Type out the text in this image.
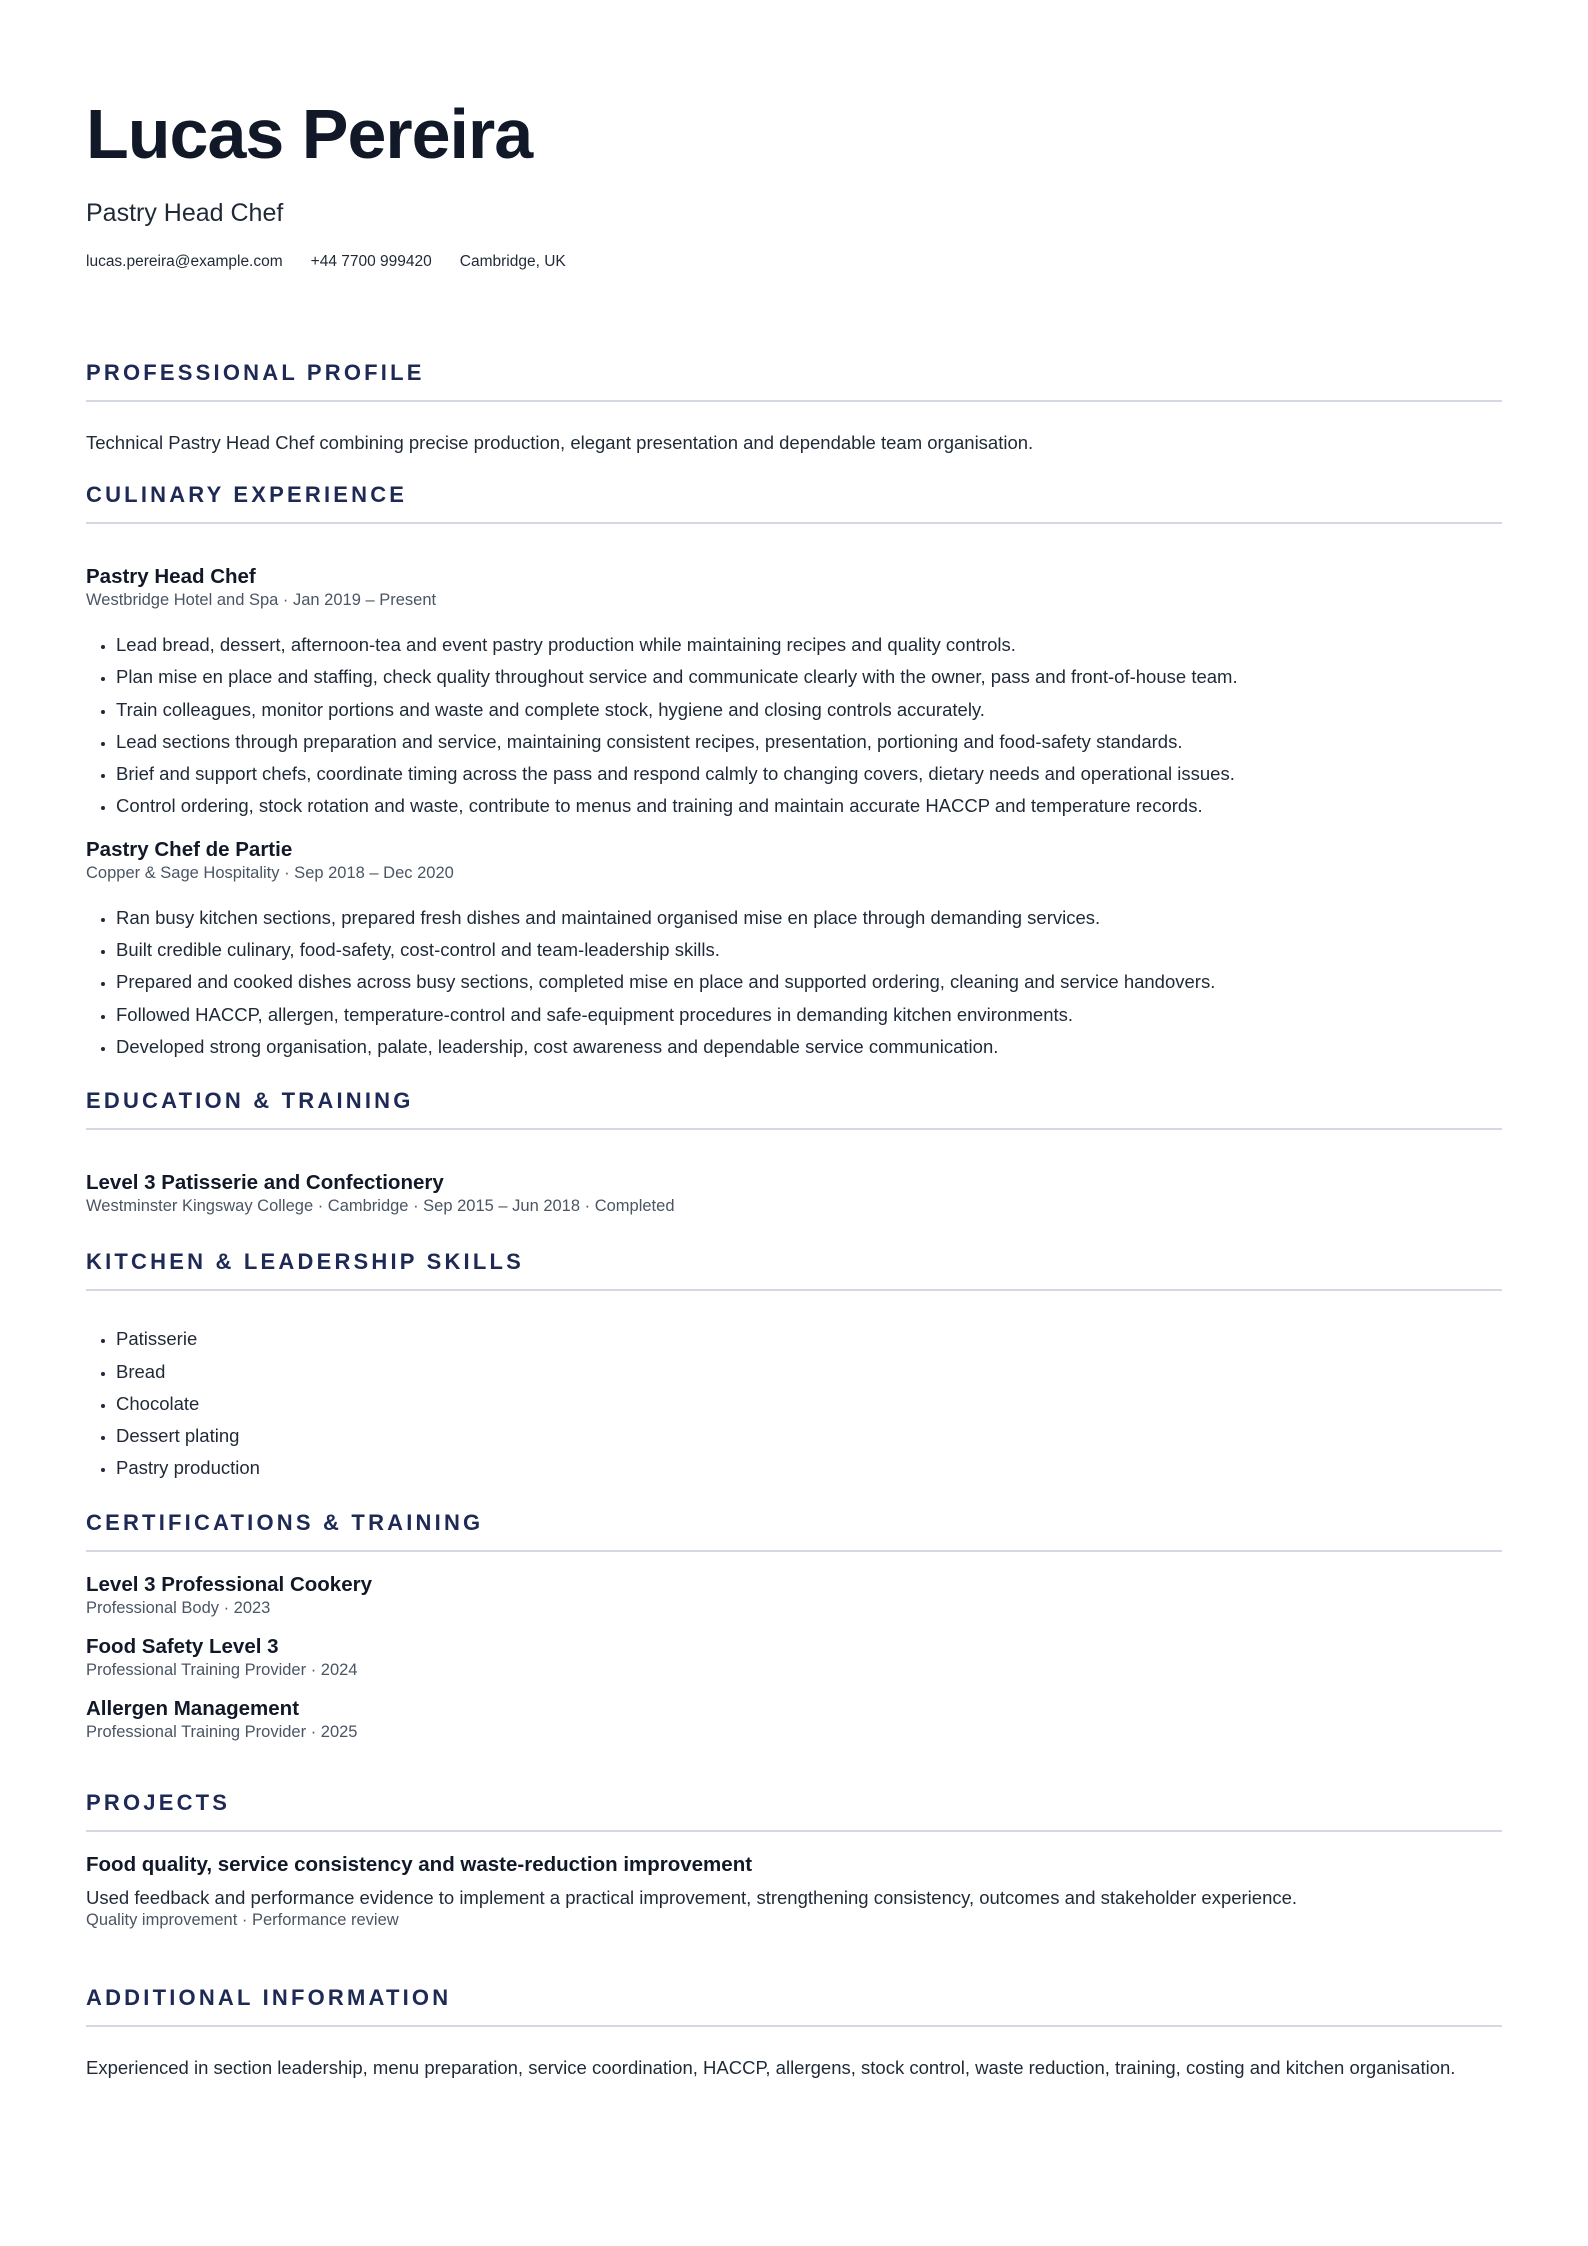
Lucas Pereira

Pastry Head Chef

lucas.pereira@example.com +44 7700 999420 Cambridge, UK
PROFESSIONAL PROFILE

Technical Pastry Head Chef combining precise production, elegant presentation and dependable team organisation.

CULINARY EXPERIENCE

Pastry Head Chef

Westbridge Hotel and Spa · Jan 2019 – Present

• Lead bread, dessert, afternoon-tea and event pastry production while maintaining recipes and quality controls.
• Plan mise en place and staffing, check quality throughout service and communicate clearly with the owner, pass and front-of-house team.
• Train colleagues, monitor portions and waste and complete stock, hygiene and closing controls accurately.
• Lead sections through preparation and service, maintaining consistent recipes, presentation, portioning and food-safety standards.
• Brief and support chefs, coordinate timing across the pass and respond calmly to changing covers, dietary needs and operational issues.
• Control ordering, stock rotation and waste, contribute to menus and training and maintain accurate HACCP and temperature records.

Pastry Chef de Partie

Copper & Sage Hospitality · Sep 2018 – Dec 2020

• Ran busy kitchen sections, prepared fresh dishes and maintained organised mise en place through demanding services.
• Built credible culinary, food-safety, cost-control and team-leadership skills.
• Prepared and cooked dishes across busy sections, completed mise en place and supported ordering, cleaning and service handovers.
• Followed HACCP, allergen, temperature-control and safe-equipment procedures in demanding kitchen environments.
• Developed strong organisation, palate, leadership, cost awareness and dependable service communication.
EDUCATION & TRAINING

Level 3 Patisserie and Confectionery

Westminster Kingsway College · Cambridge · Sep 2015 – Jun 2018 · Completed

KITCHEN & LEADERSHIP SKILLS
• Patisserie
• Bread
• Chocolate
• Dessert plating
• Pastry production
CERTIFICATIONS & TRAINING

Level 3 Professional Cookery

Professional Body · 2023

Food Safety Level 3

Professional Training Provider · 2024

Allergen Management

Professional Training Provider · 2025

PROJECTS

Food quality, service consistency and waste-reduction improvement

Used feedback and performance evidence to implement a practical improvement, strengthening consistency, outcomes and stakeholder experience.

Quality improvement · Performance review

ADDITIONAL INFORMATION

Experienced in section leadership, menu preparation, service coordination, HACCP, allergens, stock control, waste reduction, training, costing and kitchen organisation.
